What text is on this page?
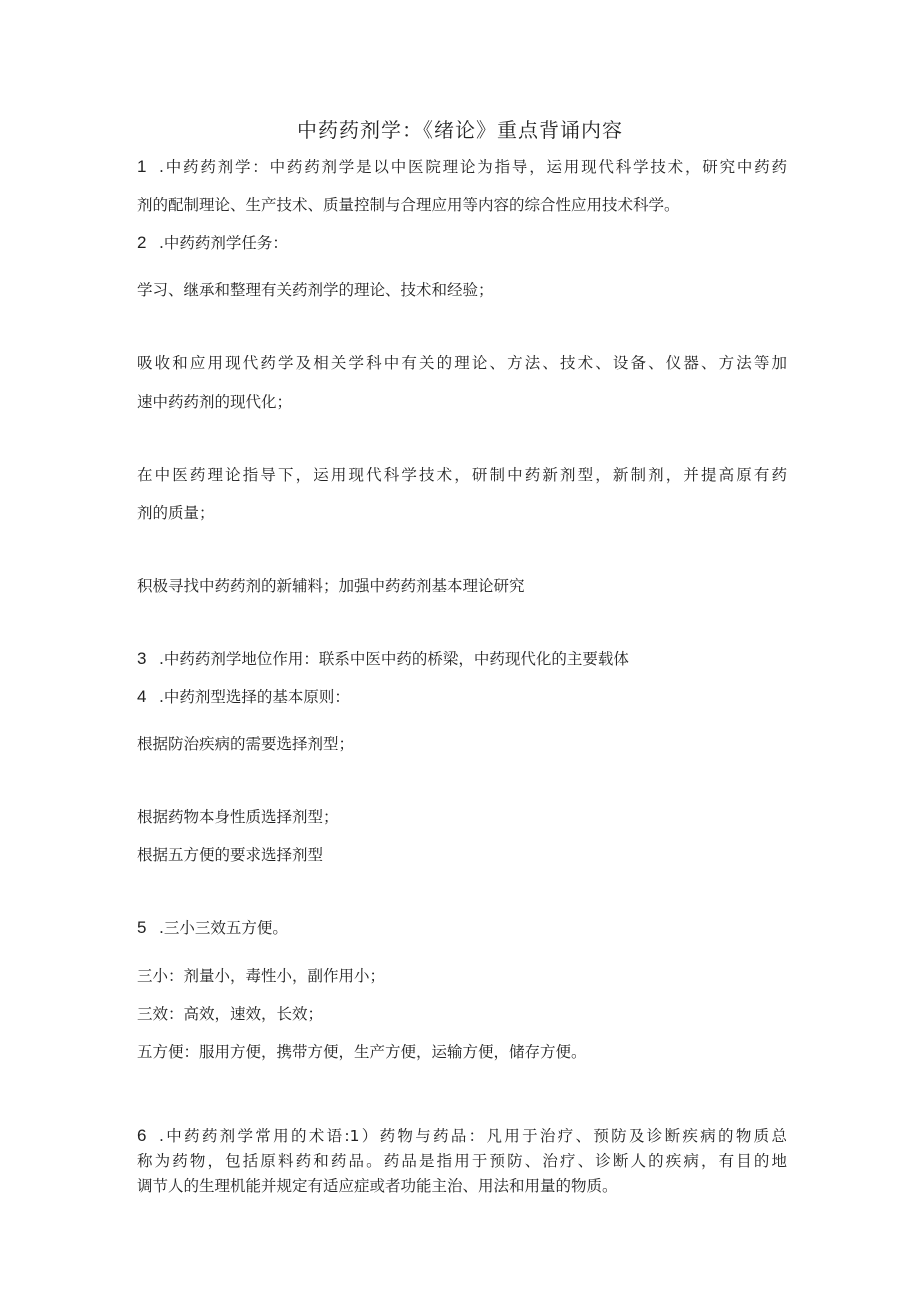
中药药剂学：《绪论》重点背诵内容
1 .中药药剂学：中药药剂学是以中医院理论为指导，运用现代科学技术，研究中药药
剂的配制理论、生产技术、质量控制与合理应用等内容的综合性应用技术科学。
2 .中药药剂学任务：
学习、继承和整理有关药剂学的理论、技术和经验；
吸收和应用现代药学及相关学科中有关的理论、方法、技术、设备、仪器、方法等加
速中药药剂的现代化；
在中医药理论指导下，运用现代科学技术，研制中药新剂型，新制剂，并提高原有药
剂的质量；
积极寻找中药药剂的新辅料；加强中药药剂基本理论研究
3 .中药药剂学地位作用：联系中医中药的桥梁，中药现代化的主要载体
4 .中药剂型选择的基本原则：
根据防治疾病的需要选择剂型；
根据药物本身性质选择剂型；
根据五方便的要求选择剂型
5 .三小三效五方便。
三小：剂量小，毒性小，副作用小；
三效：高效，速效，长效；
五方便：服用方便，携带方便，生产方便，运输方便，储存方便。
6 .中药药剂学常用的术语:1）药物与药品：凡用于治疗、预防及诊断疾病的物质总
称为药物，包括原料药和药品。药品是指用于预防、治疗、诊断人的疾病，有目的地
调节人的生理机能并规定有适应症或者功能主治、用法和用量的物质。
